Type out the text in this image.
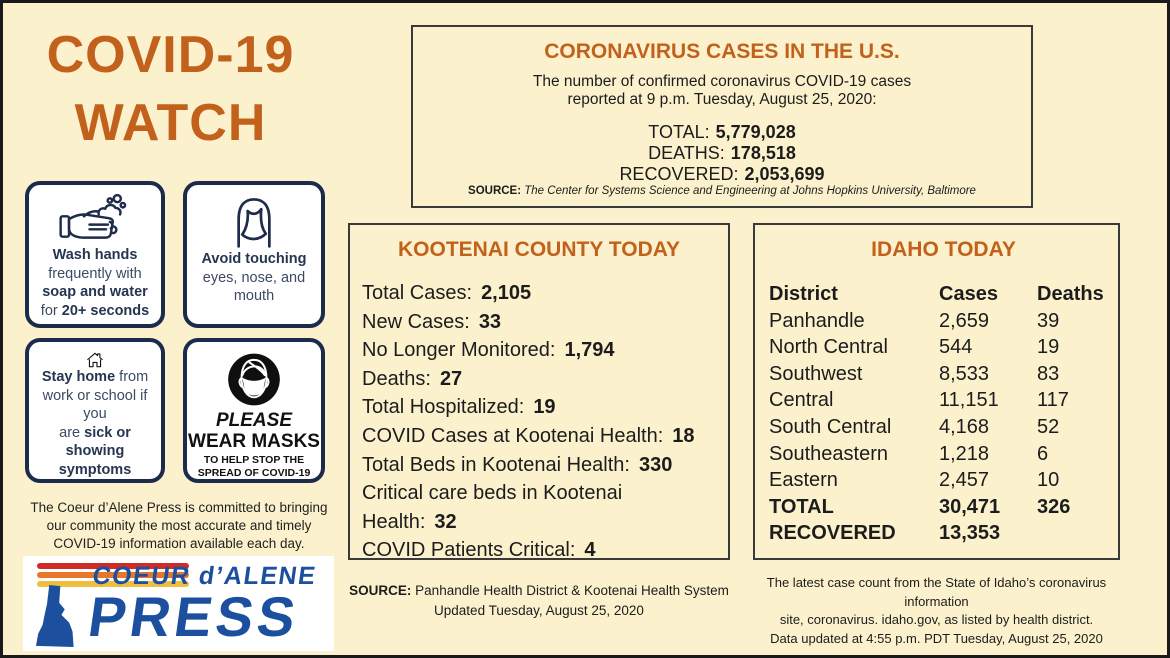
COVID-19
WATCH
CORONAVIRUS CASES IN THE U.S.
The number of confirmed coronavirus COVID-19 cases
reported at 9 p.m. Tuesday, August 25, 2020:
TOTAL: 5,779,028
DEATHS: 178,518
RECOVERED: 2,053,699
SOURCE: The Center for Systems Science and Engineering at Johns Hopkins University, Baltimore
Wash hands
frequently with
soap and water
for 20+ seconds
Avoid touching
eyes, nose, and
mouth
Stay home from
work or school if you
are sick or showing
symptoms
PLEASE
WEAR MASKS
TO HELP STOP THE
SPREAD OF COVID-19
KOOTENAI COUNTY TODAY
Total Cases: 2,105
New Cases: 33
No Longer Monitored: 1,794
Deaths: 27
Total Hospitalized: 19
COVID Cases at Kootenai Health: 18
Total Beds in Kootenai Health: 330
Critical care beds in Kootenai Health: 32
COVID Patients Critical: 4
IDAHO TODAY
District	Cases	Deaths
Panhandle	2,659	39
North Central	544	19
Southwest	8,533	83
Central	11,151	117
South Central	4,168	52
Southeastern	1,218	6
Eastern	2,457	10
TOTAL	30,471	326
RECOVERED	13,353
SOURCE: Panhandle Health District & Kootenai Health System
Updated Tuesday, August 25, 2020
The latest case count from the State of Idaho’s coronavirus information
site, coronavirus. idaho.gov, as listed by health district.
Data updated at 4:55 p.m. PDT Tuesday, August 25, 2020
The Coeur d’Alene Press is committed to bringing
our community the most accurate and timely
COVID-19 information available each day.
COEUR d’ALENE
PRESS
